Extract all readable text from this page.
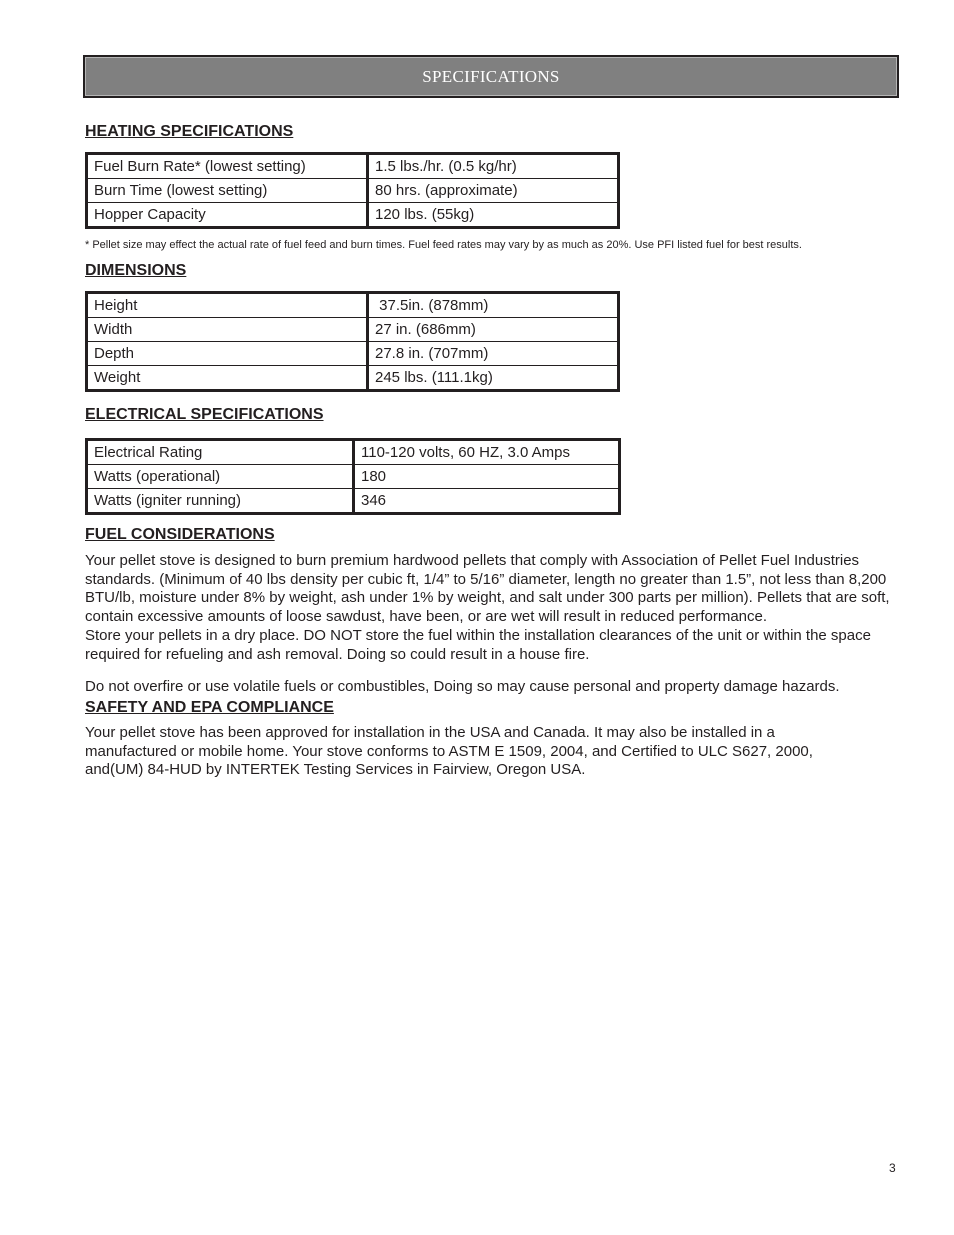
SPECIFICATIONS
HEATING SPECIFICATIONS
Fuel Burn Rate* (lowest setting)	1.5 lbs./hr. (0.5 kg/hr)
Burn Time (lowest setting)	80 hrs. (approximate)
Hopper Capacity	120 lbs. (55kg)

* Pellet size may effect the actual rate of fuel feed and burn times. Fuel feed rates may vary by as much as 20%. Use PFI listed fuel for best results.

DIMENSIONS
Height	37.5in. (878mm)
Width	27 in. (686mm)
Depth	27.8 in. (707mm)
Weight	245 lbs. (111.1kg)
ELECTRICAL SPECIFICATIONS
Electrical Rating	110-120 volts, 60 HZ, 3.0 Amps
Watts (operational)	180
Watts (igniter running)	346
FUEL CONSIDERATIONS

Your pellet stove is designed to burn premium hardwood pellets that comply with Association of Pellet Fuel Industries standards. (Minimum of 40 lbs density per cubic ft, 1/4” to 5/16” diameter, length no greater than 1.5”, not less than 8,200 BTU/lb, moisture under 8% by weight, ash under 1% by weight, and salt under 300 parts per million). Pellets that are soft, contain excessive amounts of loose sawdust, have been, or are wet will result in reduced performance.

Store your pellets in a dry place. DO NOT store the fuel within the installation clearances of the unit or within the space required for refueling and ash removal. Doing so could result in a house fire.

Do not overfire or use volatile fuels or combustibles, Doing so may cause personal and property damage hazards.

SAFETY AND EPA COMPLIANCE

Your pellet stove has been approved for installation in the USA and Canada. It may also be installed in a
manufactured or mobile home. Your stove conforms to ASTM E 1509, 2004, and Certified to ULC S627, 2000,
and(UM) 84-HUD by INTERTEK Testing Services in Fairview, Oregon USA.

3
